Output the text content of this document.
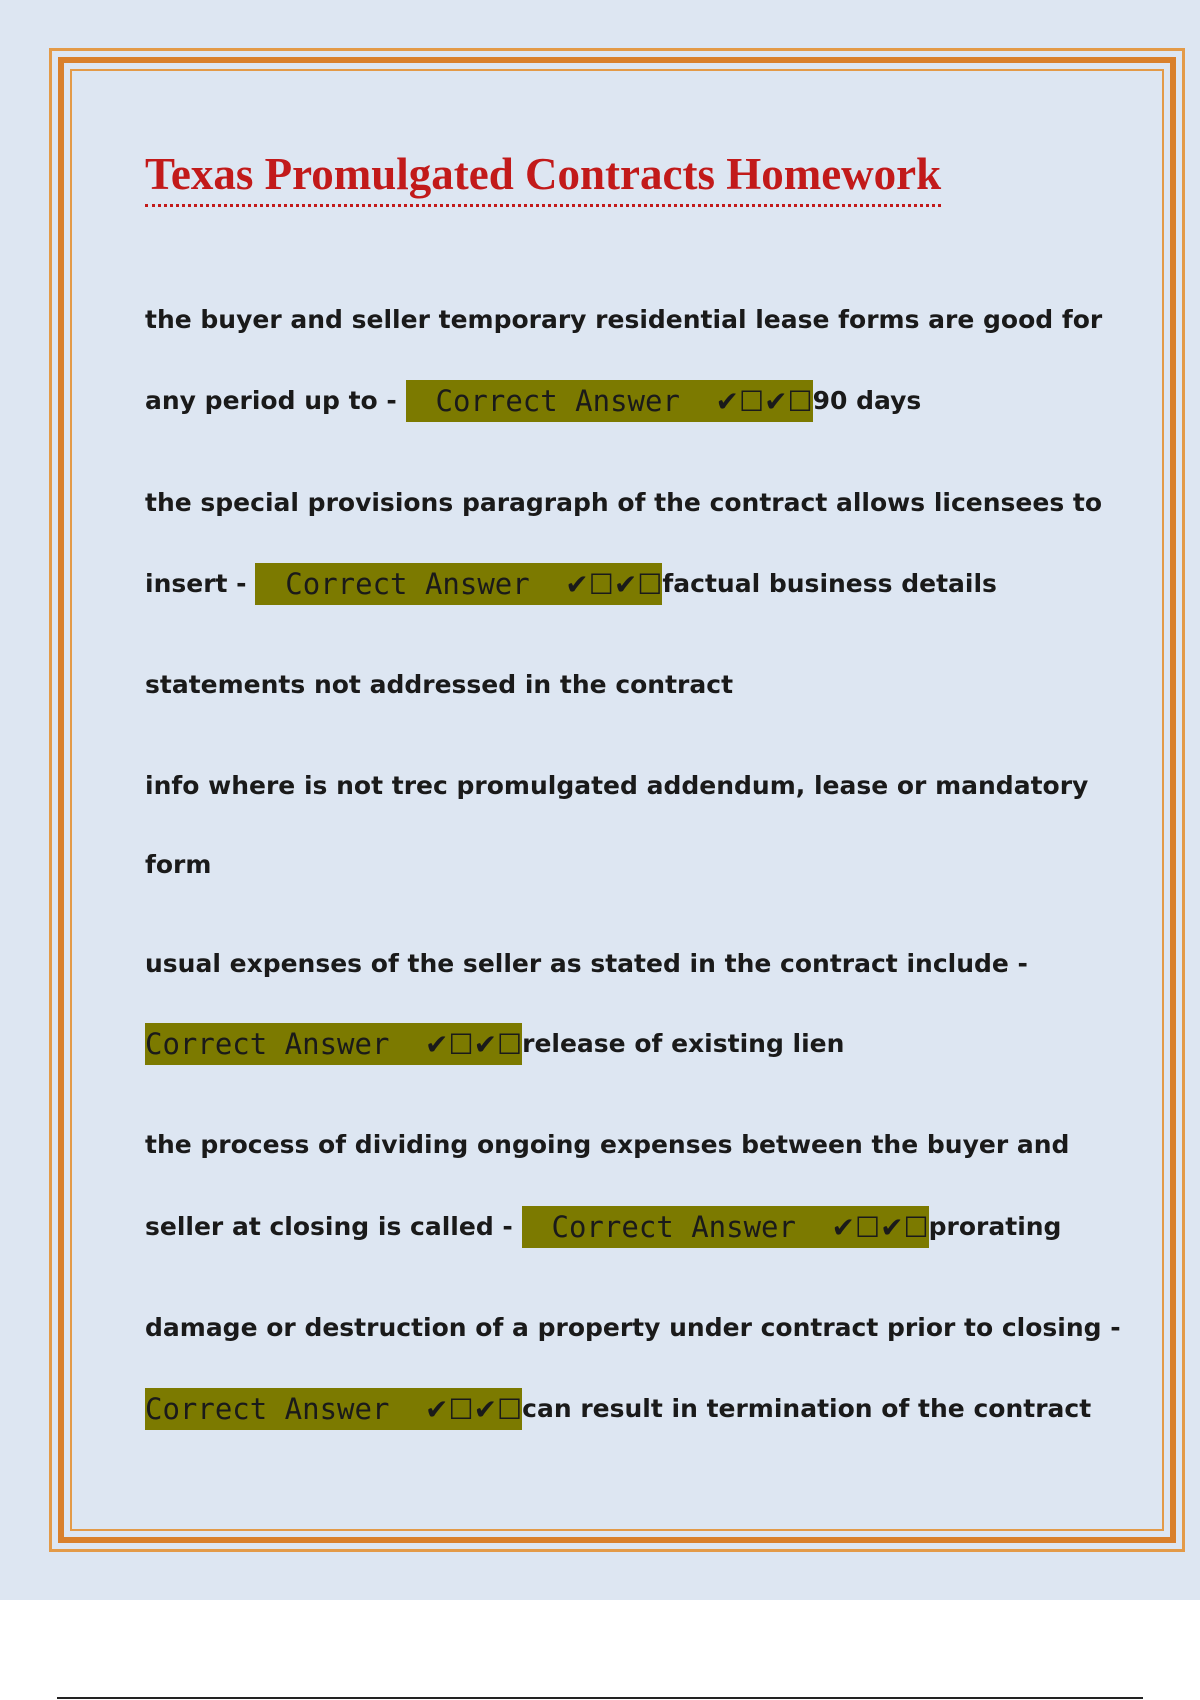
Texas Promulgated Contracts Homework
the buyer and seller temporary residential lease forms are good for
any period up to - Correct Answer ✔☐✔☐90 days
the special provisions paragraph of the contract allows licensees to
insert - Correct Answer ✔☐✔☐factual business details
statements not addressed in the contract
info where is not trec promulgated addendum, lease or mandatory
form
usual expenses of the seller as stated in the contract include -
Correct Answer ✔☐✔☐release of existing lien
the process of dividing ongoing expenses between the buyer and
seller at closing is called - Correct Answer ✔☐✔☐prorating
damage or destruction of a property under contract prior to closing -
Correct Answer ✔☐✔☐can result in termination of the contract
